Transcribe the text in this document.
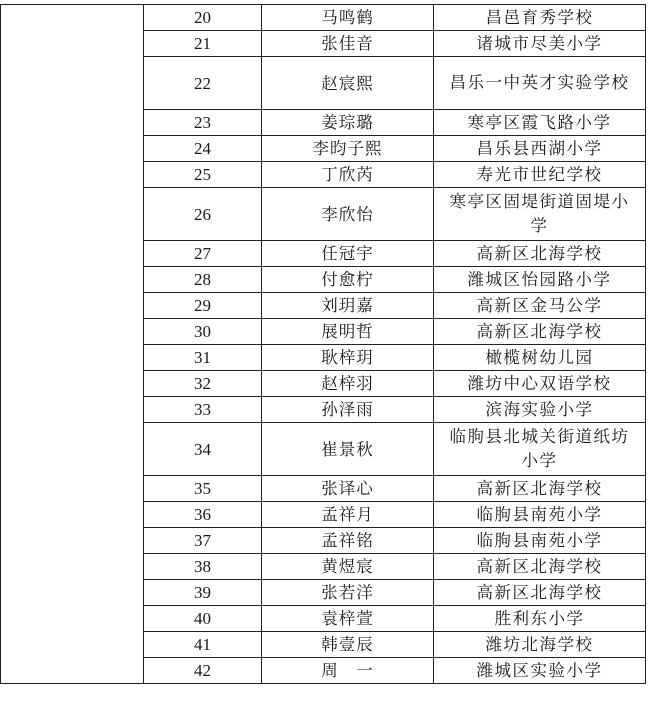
	20	马鸣鹤	昌邑育秀学校
	21	张佳音	诸城市尽美小学
	22	赵宸熙	昌乐一中英才实验学校
	23	姜琮璐	寒亭区霞飞路小学
	24	李昀子熙	昌乐县西湖小学
	25	丁欣芮	寿光市世纪学校
	26	李欣怡	寒亭区固堤街道固堤小学
	27	任冠宇	高新区北海学校
	28	付愈柠	潍城区怡园路小学
	29	刘玥嘉	高新区金马公学
	30	展明哲	高新区北海学校
	31	耿梓玥	橄榄树幼儿园
	32	赵梓羽	潍坊中心双语学校
	33	孙泽雨	滨海实验小学
	34	崔景秋	临朐县北城关街道纸坊小学
	35	张译心	高新区北海学校
	36	孟祥月	临朐县南苑小学
	37	孟祥铭	临朐县南苑小学
	38	黄煜宸	高新区北海学校
	39	张若洋	高新区北海学校
	40	袁梓萱	胜利东小学
	41	韩壹辰	潍坊北海学校
	42	周　一	潍城区实验小学
